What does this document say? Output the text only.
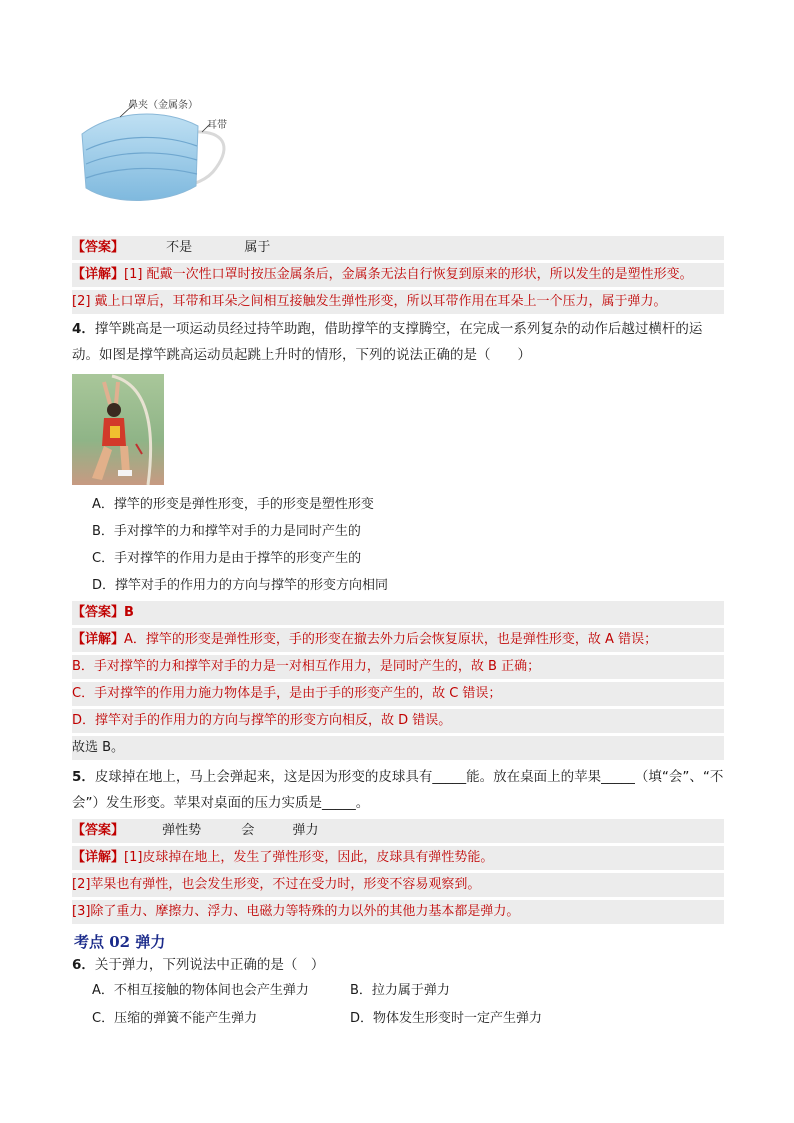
鼻夹（金属条）
耳带
【答案】	不是	属于
【详解】[1] 配戴一次性口罩时按压金属条后，金属条无法自行恢复到原来的形状，所以发生的是塑性形变。
[2] 戴上口罩后，耳带和耳朵之间相互接触发生弹性形变，所以耳带作用在耳朵上一个压力，属于弹力。
4．撑竿跳高是一项运动员经过持竿助跑，借助撑竿的支撑腾空，在完成一系列复杂的动作后越过横杆的运动。如图是撑竿跳高运动员起跳上升时的情形，下列的说法正确的是（　　）
A．撑竿的形变是弹性形变，手的形变是塑性形变
B．手对撑竿的力和撑竿对手的力是同时产生的
C．手对撑竿的作用力是由于撑竿的形变产生的
D．撑竿对手的作用力的方向与撑竿的形变方向相同
【答案】B
【详解】A．撑竿的形变是弹性形变，手的形变在撤去外力后会恢复原状，也是弹性形变，故 A 错误；
B．手对撑竿的力和撑竿对手的力是一对相互作用力，是同时产生的，故 B 正确；
C．手对撑竿的作用力施力物体是手，是由于手的形变产生的，故 C 错误；
D．撑竿对手的作用力的方向与撑竿的形变方向相反，故 D 错误。
故选 B。
5．皮球掉在地上，马上会弹起来，这是因为形变的皮球具有_____能。放在桌面上的苹果_____（填“会”、“不会”）发生形变。苹果对桌面的压力实质是_____。
【答案】	弹性势	会	弹力
【详解】[1]皮球掉在地上，发生了弹性形变，因此，皮球具有弹性势能。
[2]苹果也有弹性，也会发生形变，不过在受力时，形变不容易观察到。
[3]除了重力、摩擦力、浮力、电磁力等特殊的力以外的其他力基本都是弹力。
考点 02 弹力
6．关于弹力，下列说法中正确的是（　）
A．不相互接触的物体间也会产生弹力	B．拉力属于弹力
C．压缩的弹簧不能产生弹力	D．物体发生形变时一定产生弹力
